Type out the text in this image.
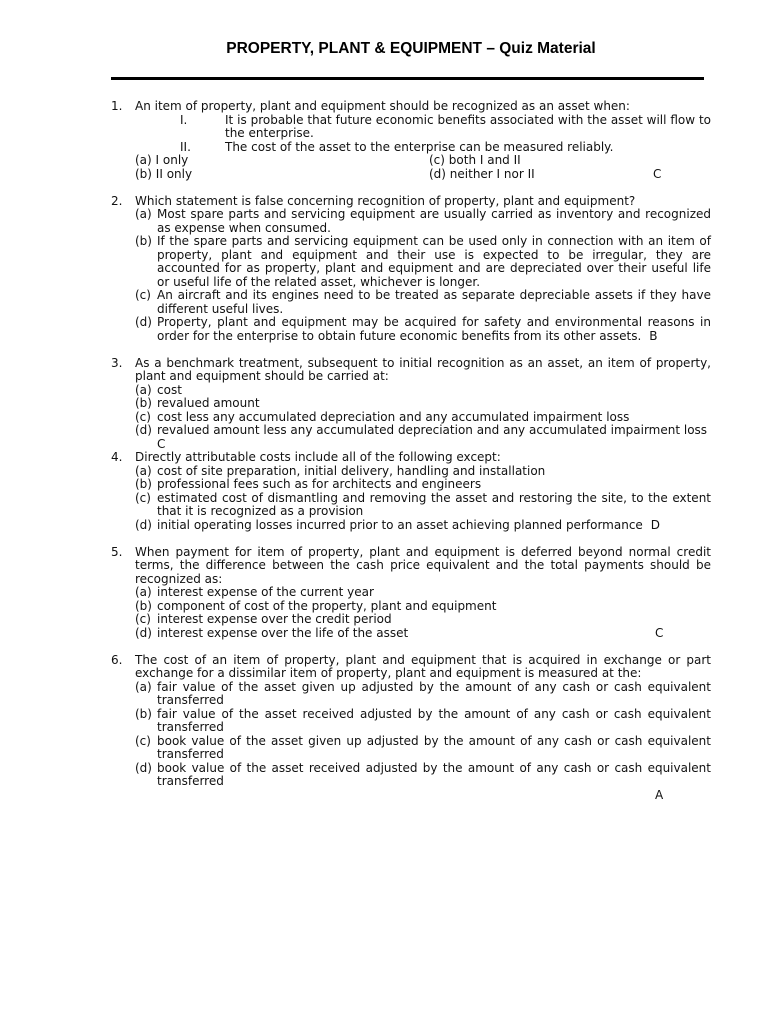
PROPERTY, PLANT & EQUIPMENT – Quiz Material
1.	An item of property, plant and equipment should be recognized as an asset when:
I.	It is probable that future economic benefits associated with the asset will flow to the enterprise.
II.	The cost of the asset to the enterprise can be measured reliably.
(a) I only	(c) both I and II
(b) II only	(d) neither I nor II	C
2.	Which statement is false concerning recognition of property, plant and equipment?
(a) Most spare parts and servicing equipment are usually carried as inventory and recognized as expense when consumed.
(b) If the spare parts and servicing equipment can be used only in connection with an item of property, plant and equipment and their use is expected to be irregular, they are accounted for as property, plant and equipment and are depreciated over their useful life or useful life of the related asset, whichever is longer.
(c) An aircraft and its engines need to be treated as separate depreciable assets if they have different useful lives.
(d) Property, plant and equipment may be acquired for safety and environmental reasons in order for the enterprise to obtain future economic benefits from its other assets. B
3.	As a benchmark treatment, subsequent to initial recognition as an asset, an item of property, plant and equipment should be carried at:
(a) cost
(b) revalued amount
(c) cost less any accumulated depreciation and any accumulated impairment loss
(d) revalued amount less any accumulated depreciation and any accumulated impairment loss
C
4.	Directly attributable costs include all of the following except:
(a) cost of site preparation, initial delivery, handling and installation
(b) professional fees such as for architects and engineers
(c) estimated cost of dismantling and removing the asset and restoring the site, to the extent that it is recognized as a provision
(d) initial operating losses incurred prior to an asset achieving planned performance D
5.	When payment for item of property, plant and equipment is deferred beyond normal credit terms, the difference between the cash price equivalent and the total payments should be recognized as:
(a) interest expense of the current year
(b) component of cost of the property, plant and equipment
(c) interest expense over the credit period
(d) interest expense over the life of the asset	C
6.	The cost of an item of property, plant and equipment that is acquired in exchange or part exchange for a dissimilar item of property, plant and equipment is measured at the:
(a) fair value of the asset given up adjusted by the amount of any cash or cash equivalent transferred
(b) fair value of the asset received adjusted by the amount of any cash or cash equivalent transferred
(c) book value of the asset given up adjusted by the amount of any cash or cash equivalent transferred
(d) book value of the asset received adjusted by the amount of any cash or cash equivalent transferred
A
